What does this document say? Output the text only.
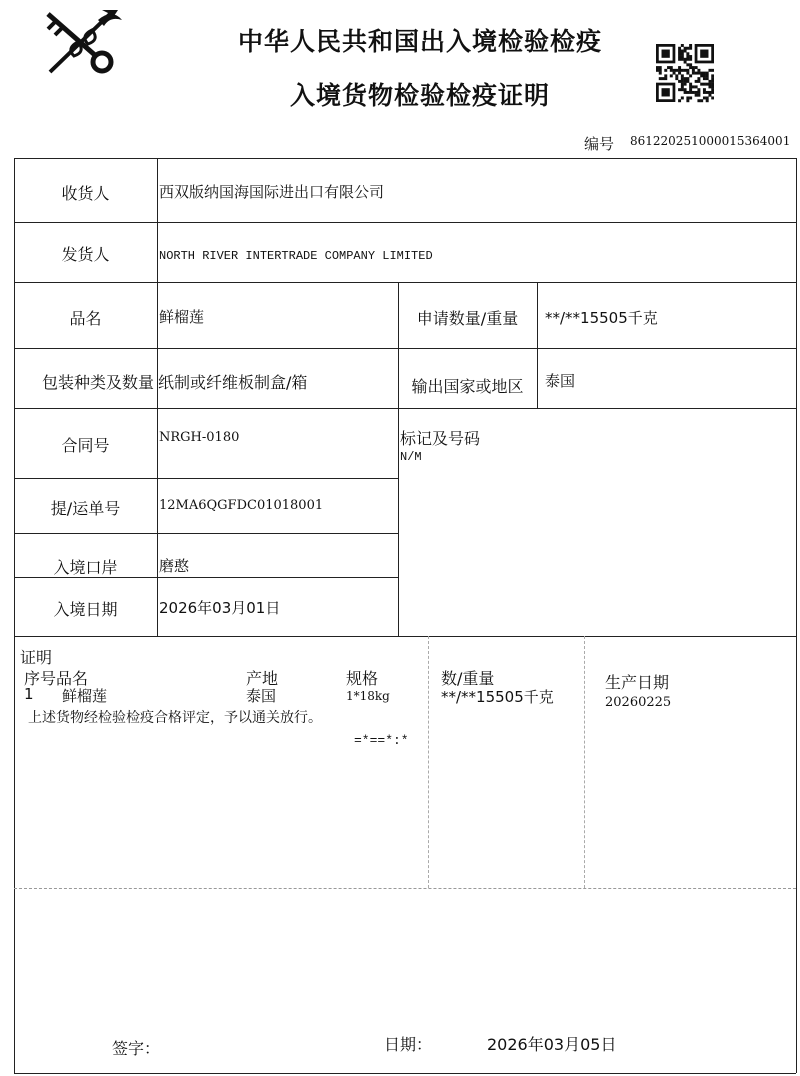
中华人民共和国出入境检验检疫
入境货物检验检疫证明
编号 861220251000015364001
收货人	西双版纳国海国际进出口有限公司
发货人	NORTH RIVER INTERTRADE COMPANY LIMITED
品名	鲜榴莲	申请数量/重量	**/**15505千克
包装种类及数量 纸制或纤维板制盒/箱	输出国家或地区	泰国
合同号	NRGH-0180	标记及号码
N/M
提/运单号	12MA6QGFDC01018001
入境口岸	磨憨
入境日期	2026年03月01日
证明
序号品名	产地	规格	数/重量	生产日期
1 鲜榴莲	泰国	1*18kg	**/**15505千克	20260225
上述货物经检验检疫合格评定，予以通关放行。
=*==*:*
签字：	日期：	2026年03月05日
